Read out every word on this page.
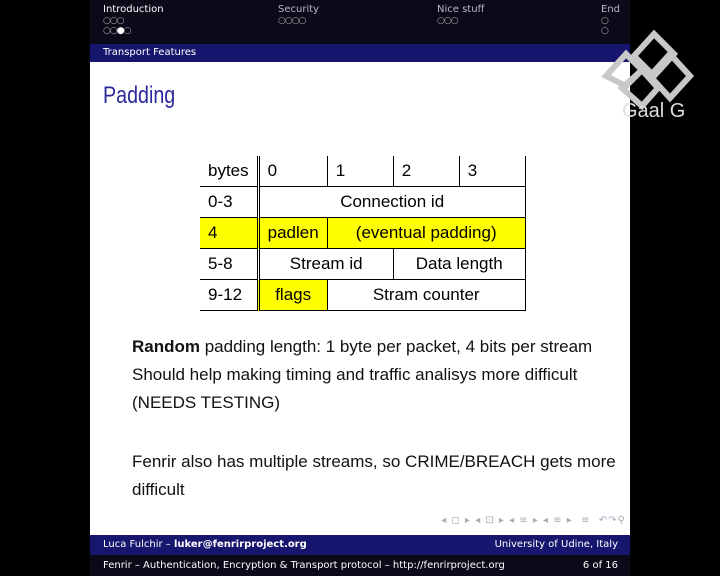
Introduction
○○○
○○●○
Security
○○○○
Nice stuff
○○○
End
○
○
Transport Features
Padding
bytes	0	1	2	3
0-3	Connection id			
4	padlen	(eventual padding)		
5-8	Stream id		Data length	
9-12	flags	Stram counter		
Random padding length: 1 byte per packet, 4 bits per stream
Should help making timing and traffic analisys more difficult
(NEEDS TESTING)
Fenrir also has multiple streams, so CRIME/BREACH gets more
difficult
◂ ◻ ▸ ◂ ⊡ ▸ ◂ ≡ ▸ ◂ ≡ ▸  ≡  ↶↷⚲
Luca Fulchir – luker@fenrirproject.org	University of Udine, Italy
Fenrir – Authentication, Encryption & Transport protocol – http://fenrirproject.org	6 of 16
Gaal G
